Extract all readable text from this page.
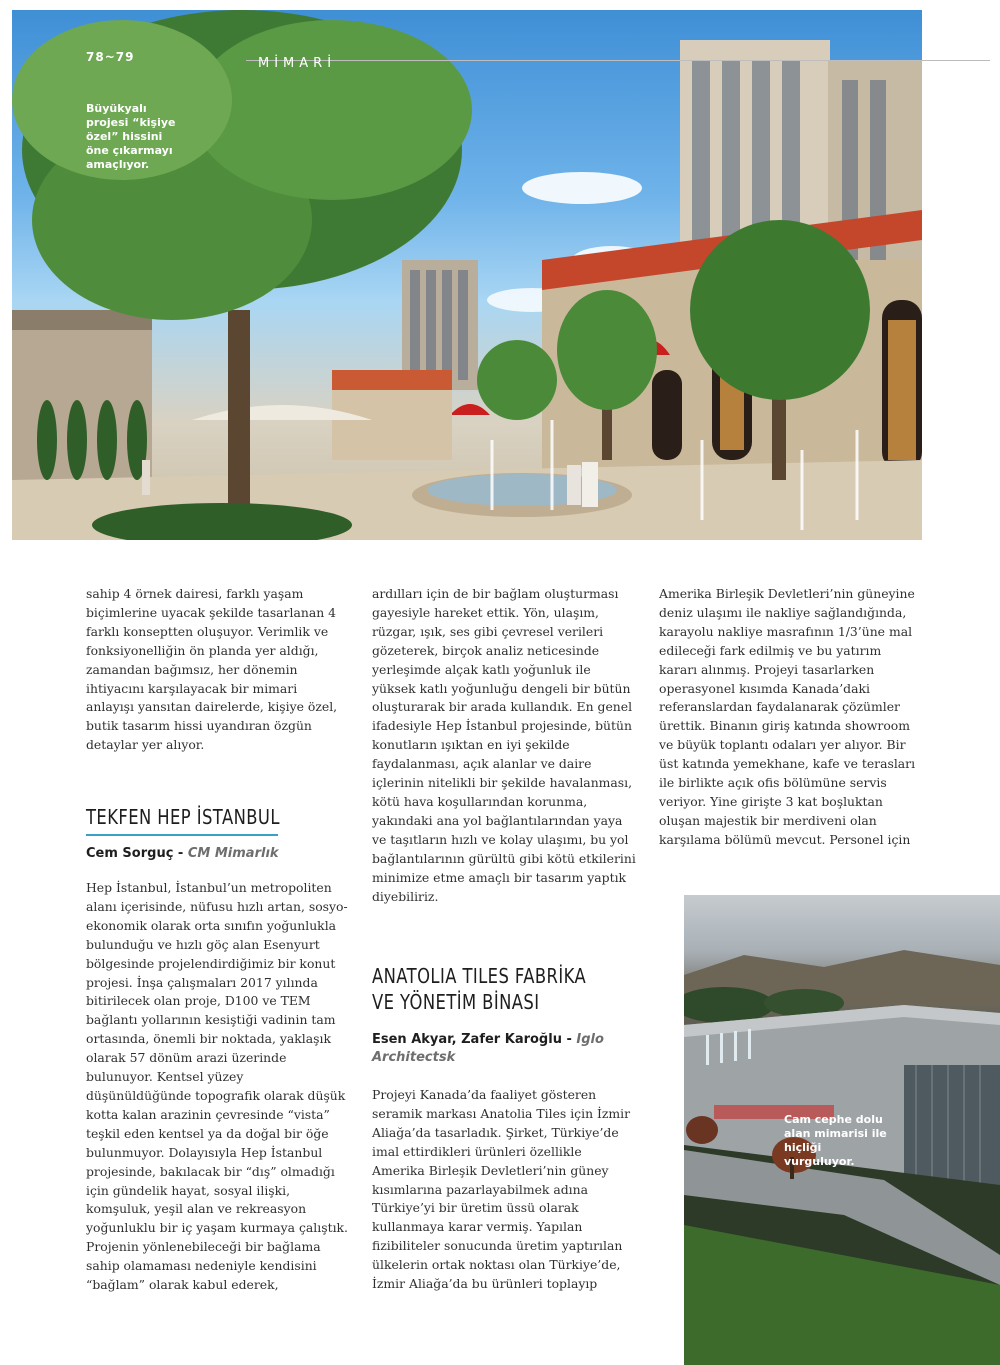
78~79	MİMARİ
Büyükyalı projesi “kişiye özel” hissini öne çıkarmayı amaçlıyor.

sahip 4 örnek dairesi, farklı yaşam biçimlerine uyacak şekilde tasarlanan 4 farklı konseptten oluşuyor. Verimlik ve fonksiyonelliğin ön planda yer aldığı, zamandan bağımsız, her dönemin ihtiyacını karşılayacak bir mimari anlayışı yansıtan dairelerde, kişiye özel, butik tasarım hissi uyandıran özgün detaylar yer alıyor.

TEKFEN HEP İSTANBUL
Cem Sorguç - CM Mimarlık

Hep İstanbul, İstanbul’un metropoliten alanı içerisinde, nüfusu hızlı artan, sosyo-ekonomik olarak orta sınıfın yoğunlukla bulunduğu ve hızlı göç alan Esenyurt bölgesinde projelendirdiğimiz bir konut projesi. İnşa çalışmaları 2017 yılında bitirilecek olan proje, D100 ve TEM bağlantı yollarının kesiştiği vadinin tam ortasında, önemli bir noktada, yaklaşık olarak 57 dönüm arazi üzerinde bulunuyor. Kentsel yüzey düşünüldüğünde topografik olarak düşük kotta kalan arazinin çevresinde “vista” teşkil eden kentsel ya da doğal bir öğe bulunmuyor. Dolayısıyla Hep İstanbul projesinde, bakılacak bir “dış” olmadığı için gündelik hayat, sosyal ilişki, komşuluk, yeşil alan ve rekreasyon yoğunluklu bir iç yaşam kurmaya çalıştık. Projenin yönlenebileceği bir bağlama sahip olamaması nedeniyle kendisini “bağlam” olarak kabul ederek,

ardılları için de bir bağlam oluşturması gayesiyle hareket ettik. Yön, ulaşım, rüzgar, ışık, ses gibi çevresel verileri gözeterek, birçok analiz neticesinde yerleşimde alçak katlı yoğunluk ile yüksek katlı yoğunluğu dengeli bir bütün oluşturarak bir arada kullandık. En genel ifadesiyle Hep İstanbul projesinde, bütün konutların ışıktan en iyi şekilde faydalanması, açık alanlar ve daire içlerinin nitelikli bir şekilde havalanması, kötü hava koşullarından korunma, yakındaki ana yol bağlantılarından yaya ve taşıtların hızlı ve kolay ulaşımı, bu yol bağlantılarının gürültü gibi kötü etkilerini minimize etme amaçlı bir tasarım yaptık diyebiliriz.

ANATOLIA TILES FABRİKA
VE YÖNETİM BİNASI
Esen Akyar, Zafer Karoğlu - Iglo Architectsk

Projeyi Kanada’da faaliyet gösteren seramik markası Anatolia Tiles için İzmir Aliağa’da tasarladık. Şirket, Türkiye’de imal ettirdikleri ürünleri özellikle Amerika Birleşik Devletleri’nin güney kısımlarına pazarlayabilmek adına Türkiye’yi bir üretim üssü olarak kullanmaya karar vermiş. Yapılan fizibiliteler sonucunda üretim yaptırılan ülkelerin ortak noktası olan Türkiye’de, İzmir Aliağa’da bu ürünleri toplayıp

Amerika Birleşik Devletleri’nin güneyine deniz ulaşımı ile nakliye sağlandığında, karayolu nakliye masrafının 1/3’üne mal edileceği fark edilmiş ve bu yatırım kararı alınmış. Projeyi tasarlarken operasyonel kısımda Kanada’daki referanslardan faydalanarak çözümler ürettik. Binanın giriş katında showroom ve büyük toplantı odaları yer alıyor. Bir üst katında yemekhane, kafe ve terasları ile birlikte açık ofis bölümüne servis veriyor. Yine girişte 3 kat boşluktan oluşan majestik bir merdiveni olan karşılama bölümü mevcut. Personel için

Cam cephe dolu alan mimarisi ile hiçliği vurguluyor.
